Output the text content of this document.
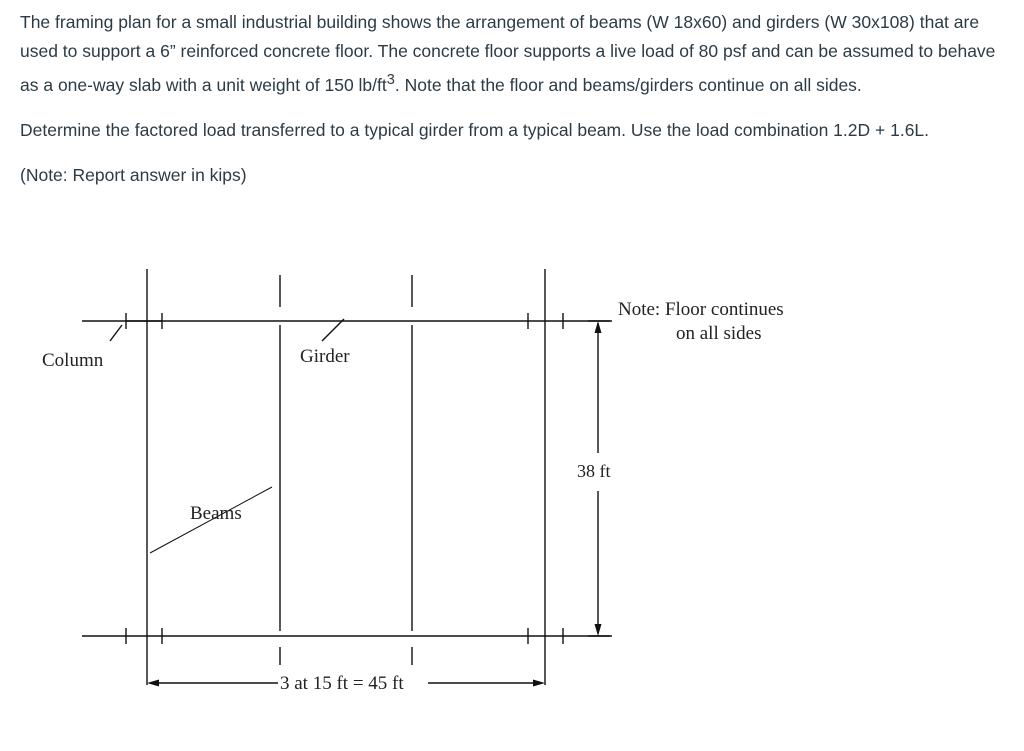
The framing plan for a small industrial building shows the arrangement of beams (W 18x60) and girders (W 30x108) that are used to support a 6” reinforced concrete floor. The concrete floor supports a live load of 80 psf and can be assumed to behave as a one-way slab with a unit weight of 150 $lb/ft^3$. Note that the floor and beams/girders continue on all sides.

Determine the factored load transferred to a typical girder from a typical beam. Use the load combination 1.2D + 1.6L.

(Note: Report answer in kips)

Note: Floor continues
on all sides
Column	Girder
Beams
38 ft
3 at 15 ft = 45 ft
